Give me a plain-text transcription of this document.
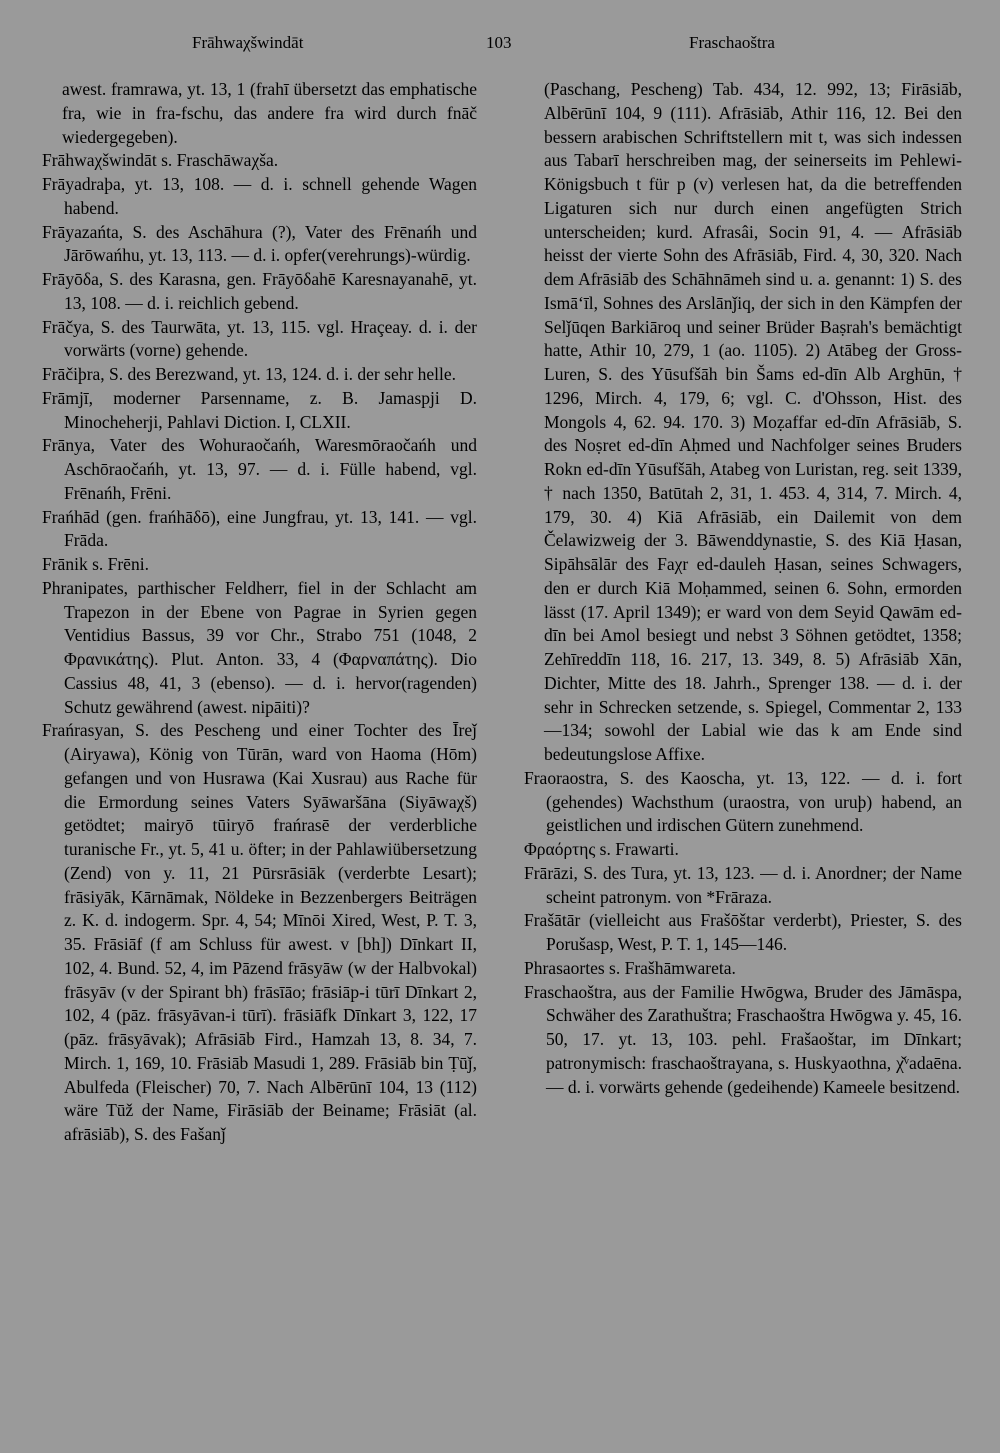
Frāhwaχšwindāt	103	Fraschaoštra

awest. framrawa, yt. 13, 1 (frahī übersetzt das emphatische fra, wie in fra-fschu, das andere fra wird durch fnāč wiedergegeben).

Frāhwaχšwindāt s. Fraschāwaχša.

Frāyadraþa, yt. 13, 108. — d. i. schnell gehende Wagen habend.

Frāyazańta, S. des Aschāhura (?), Vater des Frēnańh und Jārōwańhu, yt. 13, 113. — d. i. opfer(verehrungs)-würdig.

Frāyōδa, S. des Karasna, gen. Frāyōδahē Karesnayanahē, yt. 13, 108. — d. i. reichlich gebend.

Frāčya, S. des Taurwāta, yt. 13, 115. vgl. Hraçeay. d. i. der vorwärts (vorne) gehende.

Frāčiþra, S. des Berezwand, yt. 13, 124. d. i. der sehr helle.

Frāmjī, moderner Parsenname, z. B. Jamaspji D. Minocheherji, Pahlavi Diction. I, CLXII.

Frānya, Vater des Wohuraočańh, Waresmōraočańh und Aschōraočańh, yt. 13, 97. — d. i. Fülle habend, vgl. Frēnańh, Frēni.

Frańhād (gen. frańhāδō), eine Jungfrau, yt. 13, 141. — vgl. Frāda.

Frānik s. Frēni.

Phranipates, parthischer Feldherr, fiel in der Schlacht am Trapezon in der Ebene von Pagrae in Syrien gegen Ventidius Bassus, 39 vor Chr., Strabo 751 (1048, 2 Φρανικάτης). Plut. Anton. 33, 4 (Φαρναπάτης). Dio Cassius 48, 41, 3 (ebenso). — d. i. hervor(ragenden) Schutz gewährend (awest. nipāiti)?

Frańrasyan, S. des Pescheng und einer Tochter des Īreǰ (Airyawa), König von Tūrān, ward von Haoma (Hōm) gefangen und von Husrawa (Kai Xusrau) aus Rache für die Ermordung seines Vaters Syāwaršāna (Siyāwaχš) getödtet; mairyō tūiryō frańrasē der verderbliche turanische Fr., yt. 5, 41 u. öfter; in der Pahlawiübersetzung (Zend) von y. 11, 21 Pūrsrāsiāk (verderbte Lesart); frāsiyāk, Kārnāmak, Nöldeke in Bezzenbergers Beiträgen z. K. d. indogerm. Spr. 4, 54; Mīnōi Xired, West, P. T. 3, 35. Frāsiāf (f am Schluss für awest. v [bh]) Dīnkart II, 102, 4. Bund. 52, 4, im Pāzend frāsyāw (w der Halbvokal) frāsyāv (v der Spirant bh) frāsīāo; frāsiāp-i tūrī Dīnkart 2, 102, 4 (pāz. frāsyāvan-i tūrī). frāsiāfk Dīnkart 3, 122, 17 (pāz. frāsyāvak); Afrāsiāb Fird., Hamzah 13, 8. 34, 7. Mirch. 1, 169, 10. Frāsiāb Masudi 1, 289. Frāsiāb bin Ṭūǰ, Abulfeda (Fleischer) 70, 7. Nach Albērūnī 104, 13 (112) wäre Tūž der Name, Firāsiāb der Beiname; Frāsiāt (al. afrāsiāb), S. des Fašanǰ

(Paschang, Pescheng) Tab. 434, 12. 992, 13; Firāsiāb, Albērūnī 104, 9 (111). Afrāsiāb, Athir 116, 12. Bei den bessern arabischen Schriftstellern mit t, was sich indessen aus Tabarī herschreiben mag, der seinerseits im Pehlewi-Königsbuch t für p (v) verlesen hat, da die betreffenden Ligaturen sich nur durch einen angefügten Strich unterscheiden; kurd. Afrasâi, Socin 91, 4. — Afrāsiāb heisst der vierte Sohn des Afrāsiāb, Fird. 4, 30, 320. Nach dem Afrāsiāb des Schāhnāmeh sind u. a. genannt: 1) S. des Ismā‘īl, Sohnes des Arslānǰiq, der sich in den Kämpfen der Selǰūqen Barkiāroq und seiner Brüder Baṣrah's bemächtigt hatte, Athir 10, 279, 1 (ao. 1105). 2) Atābeg der Gross-Luren, S. des Yūsufšāh bin Šams ed-dīn Alb Arghūn, † 1296, Mirch. 4, 179, 6; vgl. C. d'Ohsson, Hist. des Mongols 4, 62. 94. 170. 3) Moẓaffar ed-dīn Afrāsiāb, S. des Noṣret ed-dīn Aḥmed und Nachfolger seines Bruders Rokn ed-dīn Yūsufšāh, Atabeg von Luristan, reg. seit 1339, † nach 1350, Batūtah 2, 31, 1. 453. 4, 314, 7. Mirch. 4, 179, 30. 4) Kiā Afrāsiāb, ein Dailemit von dem Čelawizweig der 3. Bāwenddynastie, S. des Kiā Ḥasan, Sipāhsālār des Faχr ed-dauleh Ḥasan, seines Schwagers, den er durch Kiā Moḥammed, seinen 6. Sohn, ermorden lässt (17. April 1349); er ward von dem Seyid Qawām ed-dīn bei Amol besiegt und nebst 3 Söhnen getödtet, 1358; Zehīreddīn 118, 16. 217, 13. 349, 8. 5) Afrāsiāb Xān, Dichter, Mitte des 18. Jahrh., Sprenger 138. — d. i. der sehr in Schrecken setzende, s. Spiegel, Commentar 2, 133—134; sowohl der Labial wie das k am Ende sind bedeutungslose Affixe.

Fraoraostra, S. des Kaoscha, yt. 13, 122. — d. i. fort (gehendes) Wachsthum (uraostra, von uruþ) habend, an geistlichen und irdischen Gütern zunehmend.

Φραόρτης s. Frawarti.

Frārāzi, S. des Tura, yt. 13, 123. — d. i. Anordner; der Name scheint patronym. von *Frāraza.

Frašātār (vielleicht aus Frašōštar verderbt), Priester, S. des Porušasp, West, P. T. 1, 145—146.

Phrasaortes s. Frašhāmwareta.

Fraschaoštra, aus der Familie Hwōgwa, Bruder des Jāmāspa, Schwäher des Zarathuštra; Fraschaoštra Hwōgwa y. 45, 16. 50, 17. yt. 13, 103. pehl. Frašaoštar, im Dīnkart; patronymisch: fraschaoštrayana, s. Huskyaothna, χ̌ᵛadaēna. — d. i. vorwärts gehende (gedeihende) Kameele besitzend.
